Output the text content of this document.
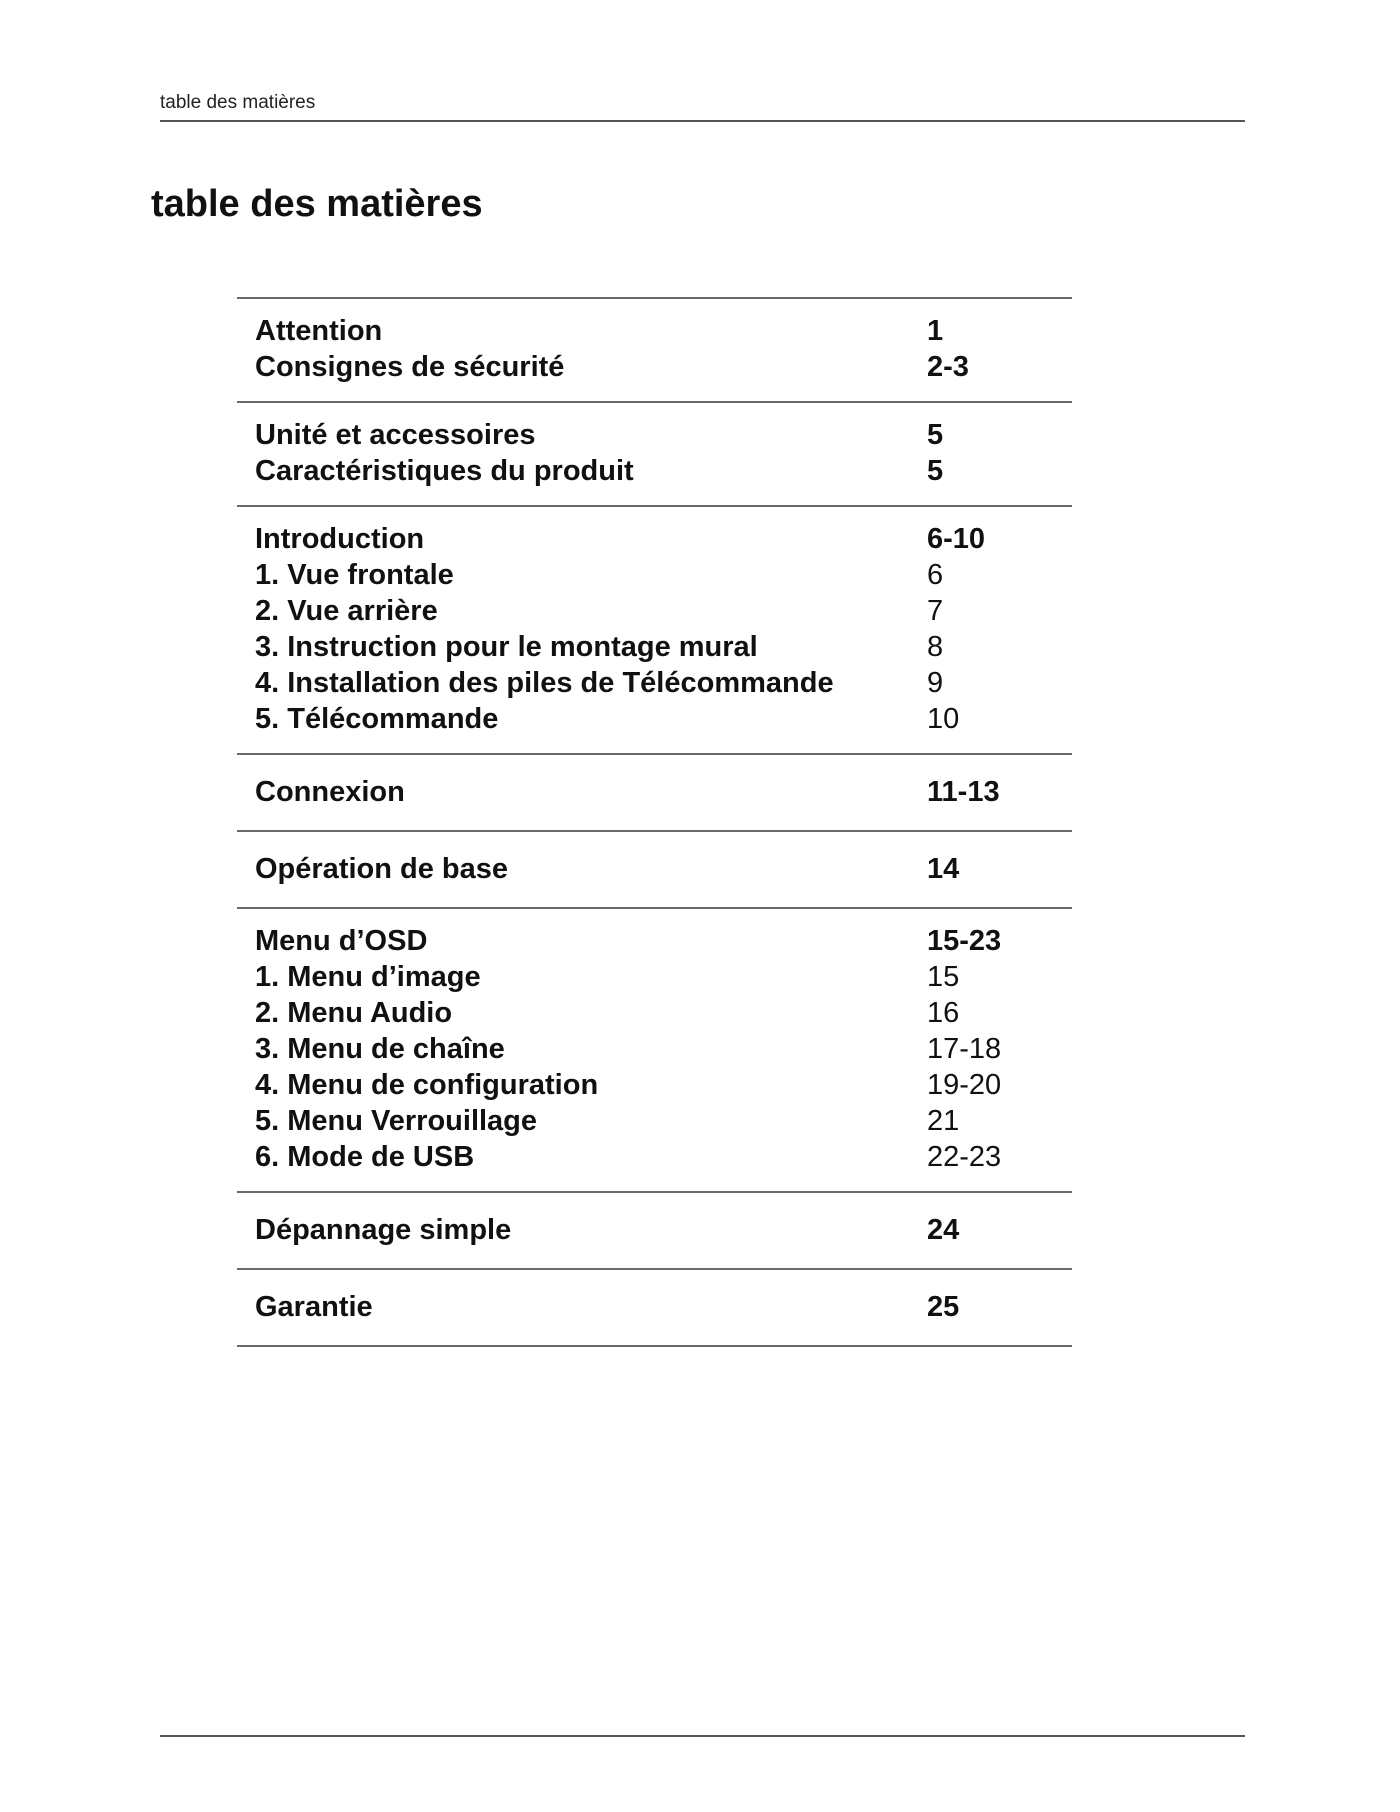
table des matières
table des matières
Attention	1
Consignes de sécurité	2-3
Unité et accessoires	5
Caractéristiques du produit	5
Introduction	6-10
1. Vue frontale	6
2. Vue arrière	7
3. Instruction pour le montage mural	8
4. Installation des piles de Télécommande	9
5. Télécommande	10
Connexion	11-13
Opération de base	14
Menu d’OSD	15-23
1. Menu d’image	15
2. Menu Audio	16
3. Menu de chaîne	17-18
4. Menu de configuration	19-20
5. Menu Verrouillage	21
6. Mode de USB	22-23
Dépannage simple	24
Garantie	25
